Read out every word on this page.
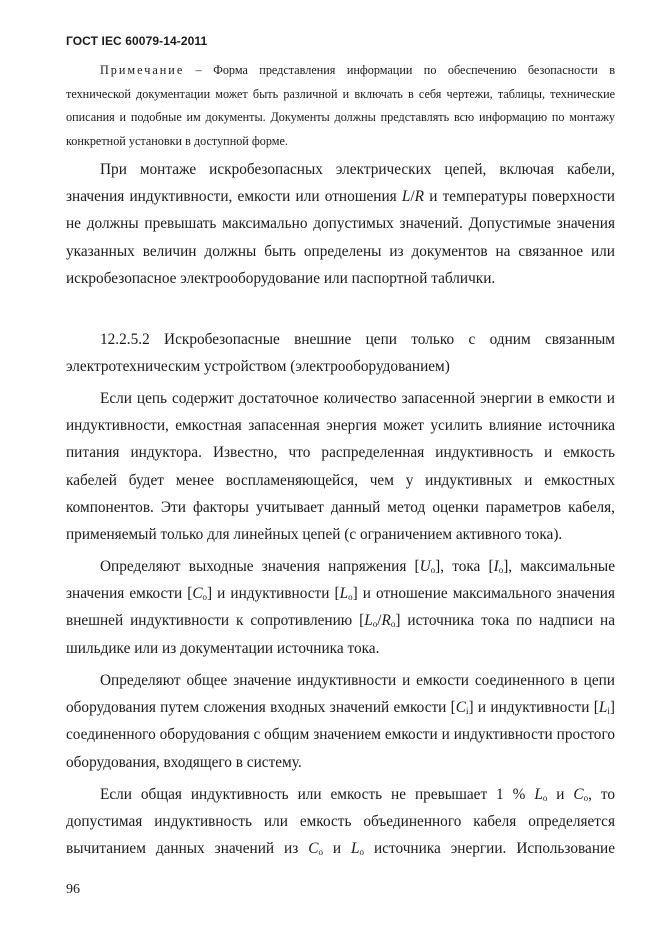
ГОСТ IEC 60079-14-2011
Примечание – Форма представления информации по обеспечению безопасности в технической документации может быть различной и включать в себя чертежи, таблицы, технические описания и подобные им документы. Документы должны представлять всю информацию по монтажу конкретной установки в доступной форме.
При монтаже искробезопасных электрических цепей, включая кабели, значения индуктивности, емкости или отношения L/R и температуры поверхности не должны превышать максимально допустимых значений. Допустимые значения указанных величин должны быть определены из документов на связанное или искробезопасное электрооборудование или паспортной таблички.
12.2.5.2 Искробезопасные внешние цепи только с одним связанным электротехническим устройством (электрооборудованием)
Если цепь содержит достаточное количество запасенной энергии в емкости и индуктивности, емкостная запасенная энергия может усилить влияние источника питания индуктора. Известно, что распределенная индуктивность и емкость кабелей будет менее воспламеняющейся, чем у индуктивных и емкостных компонентов. Эти факторы учитывает данный метод оценки параметров кабеля, применяемый только для линейных цепей (с ограничением активного тока).
Определяют выходные значения напряжения $[U_o]$, тока $[I_o]$, максимальные значения емкости $[C_o]$ и индуктивности $[L_o]$ и отношение максимального значения внешней индуктивности к сопротивлению $[L_o/R_o]$ источника тока по надписи на шильдике или из документации источника тока.
Определяют общее значение индуктивности и емкости соединенного в цепи оборудования путем сложения входных значений емкости $[C_i]$ и индуктивности $[L_i]$ соединенного оборудования с общим значением емкости и индуктивности простого оборудования, входящего в систему.
Если общая индуктивность или емкость не превышает 1 % $L_o$ и $C_o$, то допустимая индуктивность или емкость объединенного кабеля определяется вычитанием данных значений из $C_o$ и $L_o$ источника энергии. Использование
96
